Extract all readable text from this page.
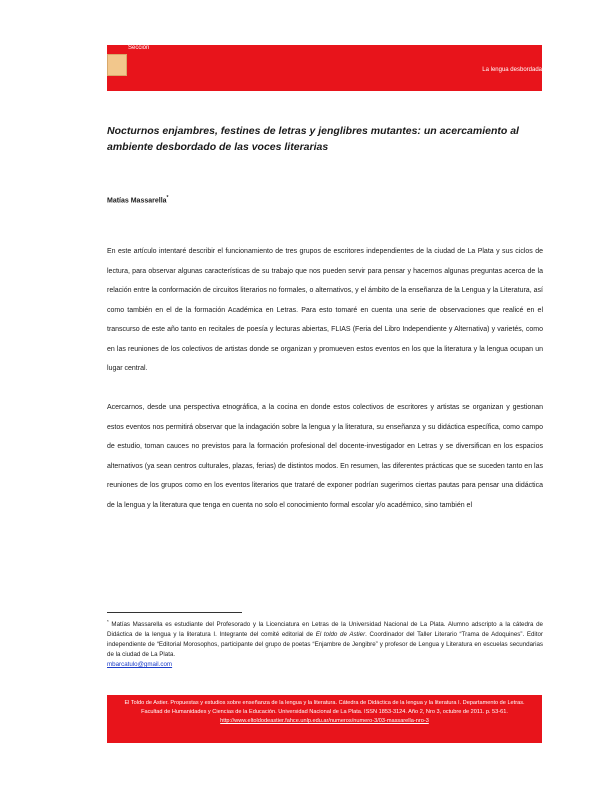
Sección
La lengua desbordada
Nocturnos enjambres, festines de letras y jenglibres mutantes: un acercamiento al ambiente desbordado de las voces literarias
Matías Massarella*

En este artículo intentaré describir el funcionamiento de tres grupos de escritores independientes de la ciudad de La Plata y sus ciclos de lectura, para observar algunas características de su trabajo que nos pueden servir para pensar y hacernos algunas preguntas acerca de la relación entre la conformación de circuitos literarios no formales, o alternativos, y el ámbito de la enseñanza de la Lengua y la Literatura, así como también en el de la formación Académica en Letras. Para esto tomaré en cuenta una serie de observaciones que realicé en el transcurso de este año tanto en recitales de poesía y lecturas abiertas, FLIAS (Feria del Libro Independiente y Alternativa) y varietés, como en las reuniones de los colectivos de artistas donde se organizan y promueven estos eventos en los que la literatura y la lengua ocupan un lugar central.

Acercarnos, desde una perspectiva etnográfica, a la cocina en donde estos colectivos de escritores y artistas se organizan y gestionan estos eventos nos permitirá observar que la indagación sobre la lengua y la literatura, su enseñanza y su didáctica específica, como campo de estudio, toman cauces no previstos para la formación profesional del docente-investigador en Letras y se diversifican en los espacios alternativos (ya sean centros culturales, plazas, ferias) de distintos modos. En resumen, las diferentes prácticas que se suceden tanto en las reuniones de los grupos como en los eventos literarios que trataré de exponer podrían sugerirnos ciertas pautas para pensar una didáctica de la lengua y la literatura que tenga en cuenta no solo el conocimiento formal escolar y/o académico, sino también el

* Matías Massarella es estudiante del Profesorado y la Licenciatura en Letras de la Universidad Nacional de La Plata. Alumno adscripto a la cátedra de Didáctica de la lengua y la literatura I. Integrante del comité editorial de El toldo de Astier. Coordinador del Taller Literario “Trama de Adoquines”. Editor independiente de “Editorial Morosophos, participante del grupo de poetas “Enjambre de Jengibre” y profesor de Lengua y Literatura en escuelas secundarias de la ciudad de La Plata.
mbarcatulo@gmail.com
El Toldo de Astier. Propuestas y estudios sobre enseñanza de la lengua y la literatura. Cátedra de Didáctica de la lengua y la literatura I. Departamento de Letras. Facultad de Humanidades y Ciencias de la Educación. Universidad Nacional de La Plata. ISSN 1853-3124. Año 2, Nro 3, octubre de 2011. p. 53-61.
http://www.eltoldodeastier.fahce.unlp.edu.ar/numeros/numero-3/03-massarella-nro-3
